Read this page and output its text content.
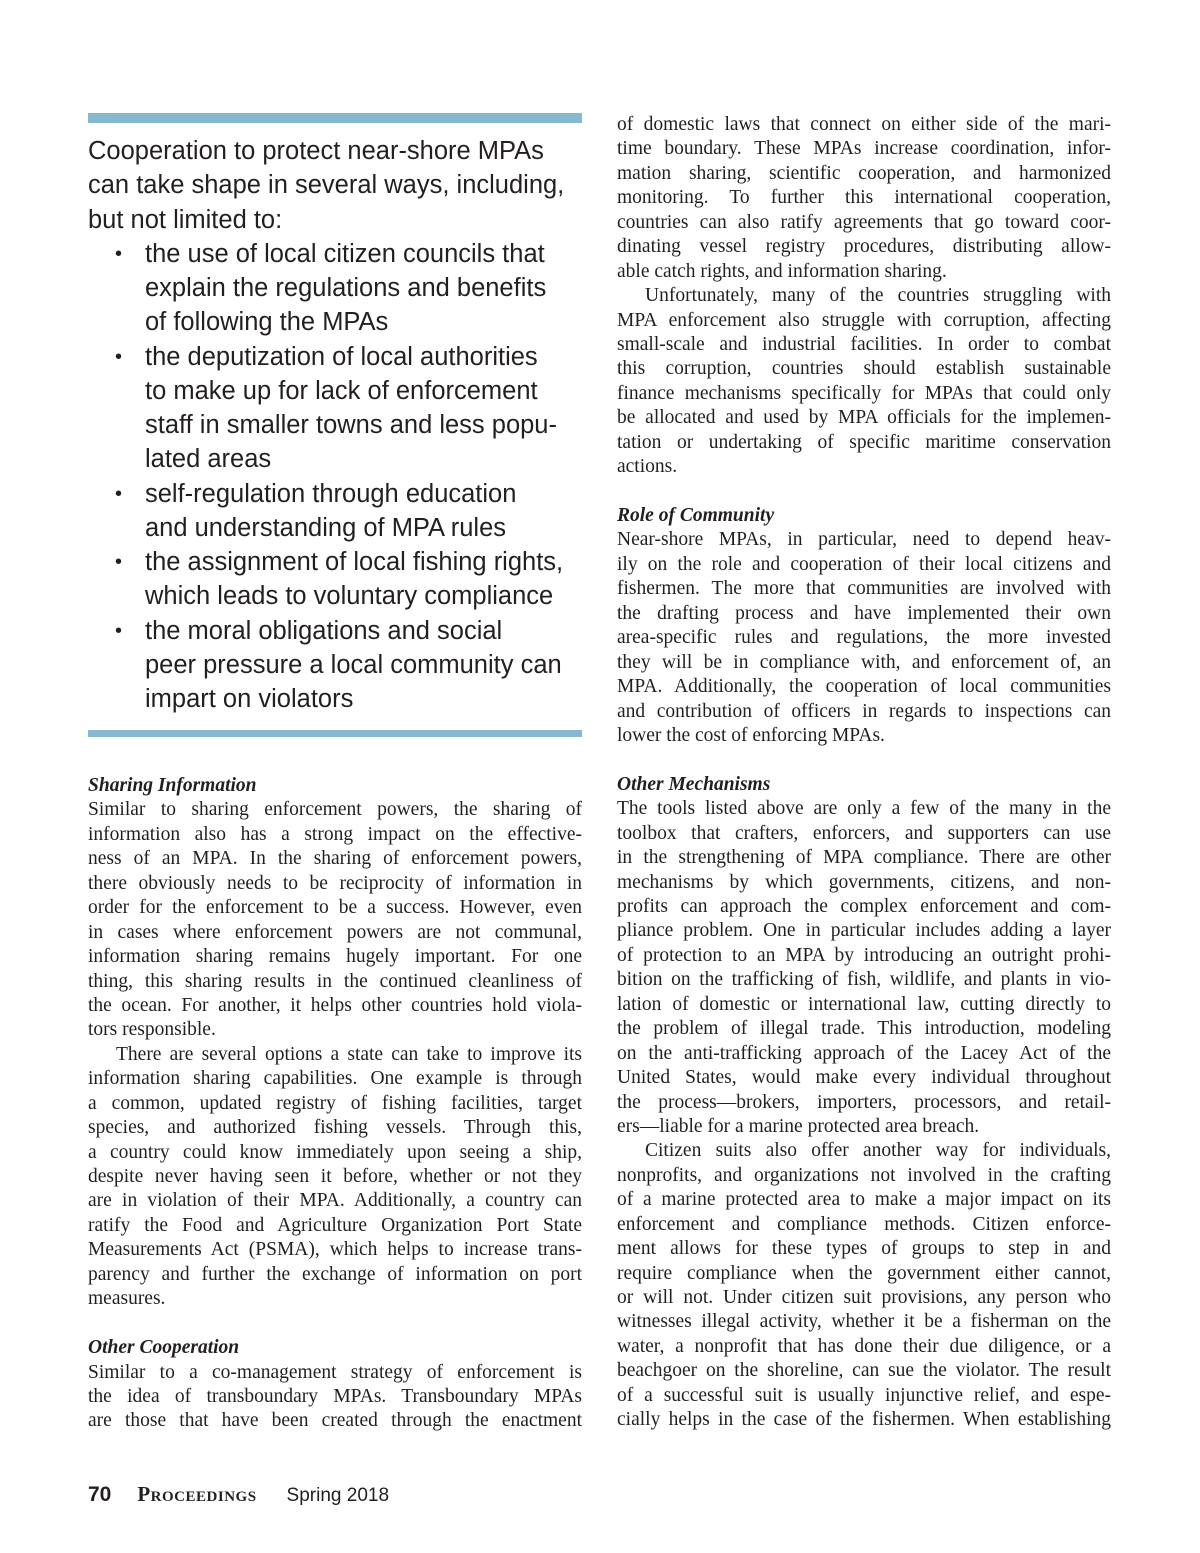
Cooperation to protect near-shore MPAs
can take shape in several ways, including,
but not limited to:
• the use of local citizen councils that
explain the regulations and benefits
of following the MPAs
• the deputization of local authorities
to make up for lack of enforcement
staff in smaller towns and less popu-
lated areas
• self-regulation through education
and understanding of MPA rules
• the assignment of local fishing rights,
which leads to voluntary compliance
• the moral obligations and social
peer pressure a local community can
impart on violators
Sharing Information
Similar to sharing enforcement powers, the sharing of
information also has a strong impact on the effective-
ness of an MPA. In the sharing of enforcement powers,
there obviously needs to be reciprocity of information in
order for the enforcement to be a success. However, even
in cases where enforcement powers are not communal,
information sharing remains hugely important. For one
thing, this sharing results in the continued cleanliness of
the ocean. For another, it helps other countries hold viola-
tors responsible.
There are several options a state can take to improve its
information sharing capabilities. One example is through
a common, updated registry of fishing facilities, target
species, and authorized fishing vessels. Through this,
a country could know immediately upon seeing a ship,
despite never having seen it before, whether or not they
are in violation of their MPA. Additionally, a country can
ratify the Food and Agriculture Organization Port State
Measurements Act (PSMA), which helps to increase trans-
parency and further the exchange of information on port
measures.
Other Cooperation
Similar to a co-management strategy of enforcement is
the idea of transboundary MPAs. Transboundary MPAs
are those that have been created through the enactment
of domestic laws that connect on either side of the mari-
time boundary. These MPAs increase coordination, infor-
mation sharing, scientific cooperation, and harmonized
monitoring. To further this international cooperation,
countries can also ratify agreements that go toward coor-
dinating vessel registry procedures, distributing allow-
able catch rights, and information sharing.
Unfortunately, many of the countries struggling with
MPA enforcement also struggle with corruption, affecting
small-scale and industrial facilities. In order to combat
this corruption, countries should establish sustainable
finance mechanisms specifically for MPAs that could only
be allocated and used by MPA officials for the implemen-
tation or undertaking of specific maritime conservation
actions.
Role of Community
Near-shore MPAs, in particular, need to depend heav-
ily on the role and cooperation of their local citizens and
fishermen. The more that communities are involved with
the drafting process and have implemented their own
area-specific rules and regulations, the more invested
they will be in compliance with, and enforcement of, an
MPA. Additionally, the cooperation of local communities
and contribution of officers in regards to inspections can
lower the cost of enforcing MPAs.
Other Mechanisms
The tools listed above are only a few of the many in the
toolbox that crafters, enforcers, and supporters can use
in the strengthening of MPA compliance. There are other
mechanisms by which governments, citizens, and non-
profits can approach the complex enforcement and com-
pliance problem. One in particular includes adding a layer
of protection to an MPA by introducing an outright prohi-
bition on the trafficking of fish, wildlife, and plants in vio-
lation of domestic or international law, cutting directly to
the problem of illegal trade. This introduction, modeling
on the anti-trafficking approach of the Lacey Act of the
United States, would make every individual throughout
the process—brokers, importers, processors, and retail-
ers—liable for a marine protected area breach.
Citizen suits also offer another way for individuals,
nonprofits, and organizations not involved in the crafting
of a marine protected area to make a major impact on its
enforcement and compliance methods. Citizen enforce-
ment allows for these types of groups to step in and
require compliance when the government either cannot,
or will not. Under citizen suit provisions, any person who
witnesses illegal activity, whether it be a fisherman on the
water, a nonprofit that has done their due diligence, or a
beachgoer on the shoreline, can sue the violator. The result
of a successful suit is usually injunctive relief, and espe-
cially helps in the case of the fishermen. When establishing
70 Proceedings Spring 2018
